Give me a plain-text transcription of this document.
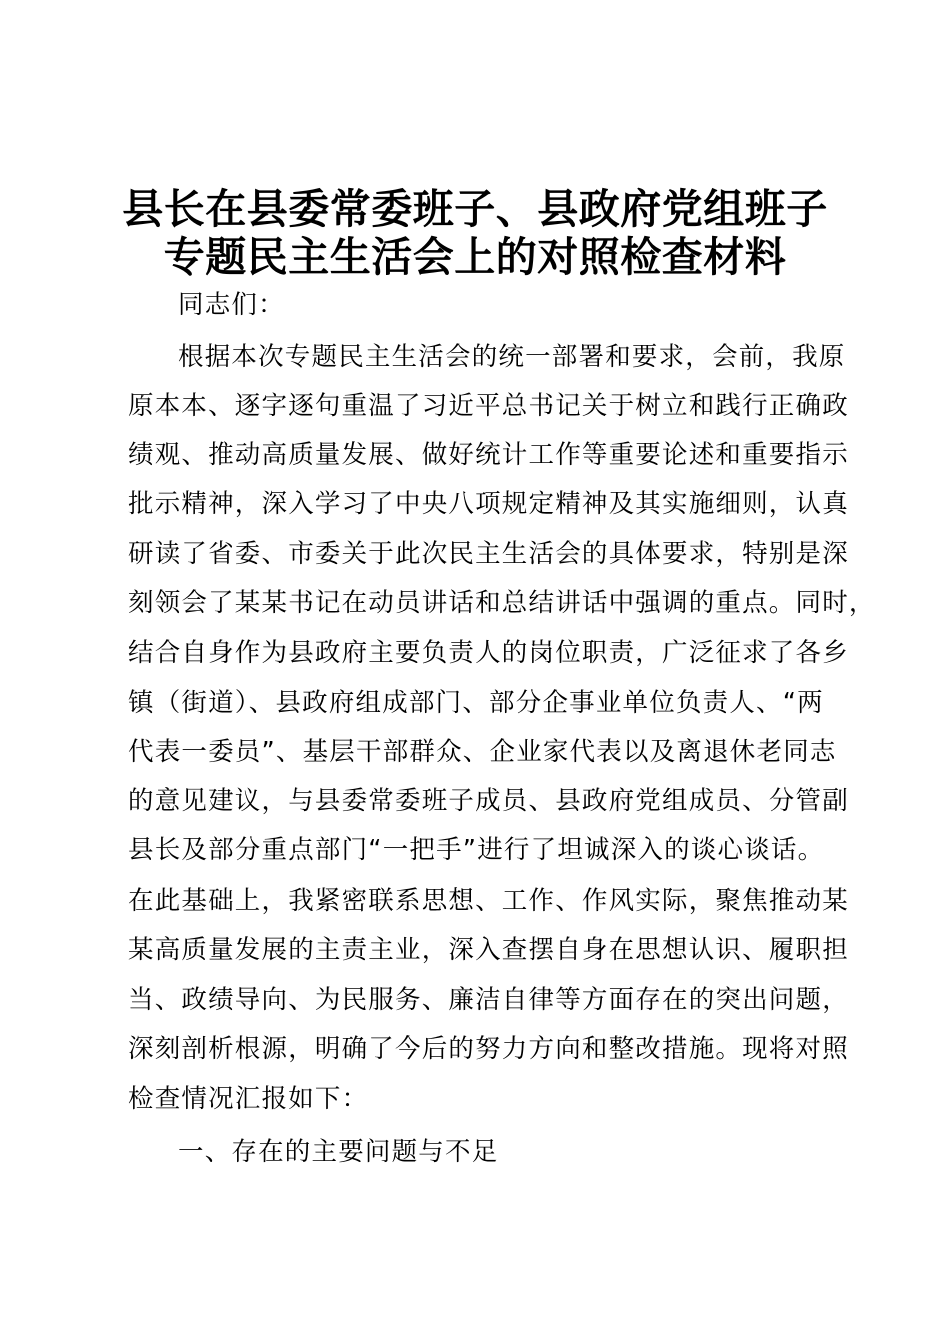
县长在县委常委班子、县政府党组班子
专题民主生活会上的对照检查材料
同志们：
根据本次专题民主生活会的统一部署和要求，会前，我原
原本本、逐字逐句重温了习近平总书记关于树立和践行正确政
绩观、推动高质量发展、做好统计工作等重要论述和重要指示
批示精神，深入学习了中央八项规定精神及其实施细则，认真
研读了省委、市委关于此次民主生活会的具体要求，特别是深
刻领会了某某书记在动员讲话和总结讲话中强调的重点。同时，
结合自身作为县政府主要负责人的岗位职责，广泛征求了各乡
镇（街道）、县政府组成部门、部分企事业单位负责人、“两
代表一委员”、基层干部群众、企业家代表以及离退休老同志
的意见建议，与县委常委班子成员、县政府党组成员、分管副
县长及部分重点部门“一把手”进行了坦诚深入的谈心谈话。
在此基础上，我紧密联系思想、工作、作风实际，聚焦推动某
某高质量发展的主责主业，深入查摆自身在思想认识、履职担
当、政绩导向、为民服务、廉洁自律等方面存在的突出问题，
深刻剖析根源，明确了今后的努力方向和整改措施。现将对照
检查情况汇报如下：
一、存在的主要问题与不足
